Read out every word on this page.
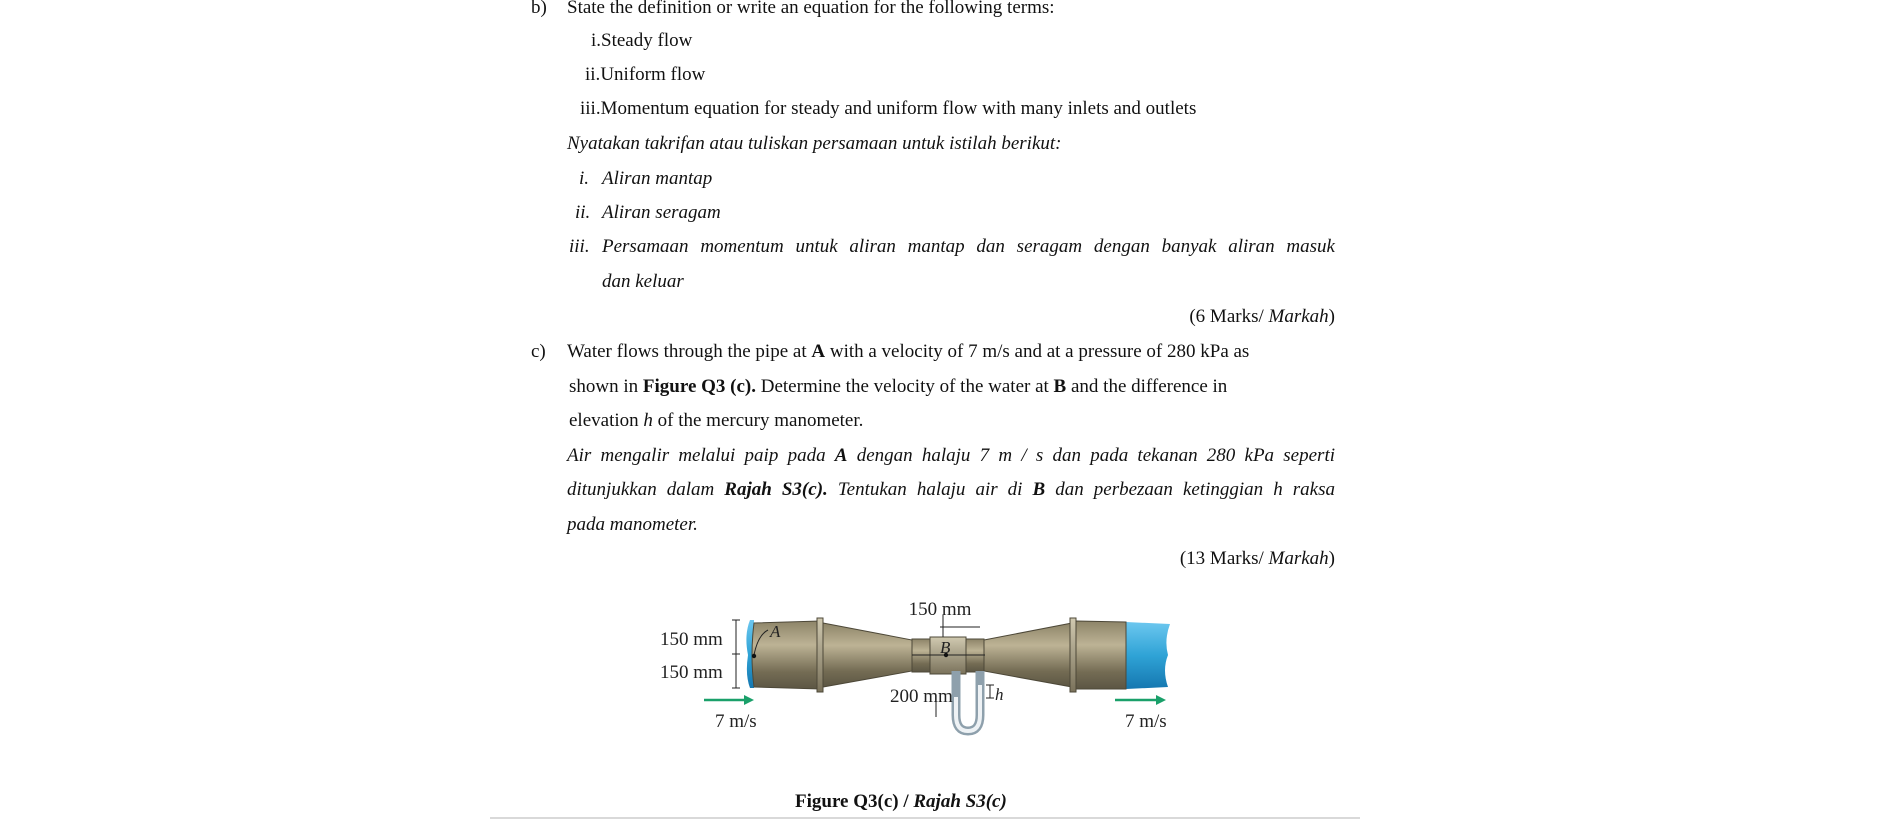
b) State the definition or write an equation for the following terms:
i.Steady flow
ii.Uniform flow
iii.Momentum equation for steady and uniform flow with many inlets and outlets
Nyatakan takrifan atau tuliskan persamaan untuk istilah berikut:
i. Aliran mantap
ii. Aliran seragam
iii. Persamaan momentum untuk aliran mantap dan seragam dengan banyak aliran masuk
dan keluar
(6 Marks/ Markah)
c) Water flows through the pipe at A with a velocity of 7 m/s and at a pressure of 280 kPa as
shown in Figure Q3 (c). Determine the velocity of the water at B and the difference in
elevation h of the mercury manometer.
Air mengalir melalui paip pada A dengan halaju 7 m / s dan pada tekanan 280 kPa seperti
ditunjukkan dalam Rajah S3(c). Tentukan halaju air di B dan perbezaan ketinggian h raksa
pada manometer.
(13 Marks/ Markah)
150 mm
150 mm
150 mm
200 mm
7 m/s	7 m/s
A
B
h
Figure Q3(c) / Rajah S3(c)
